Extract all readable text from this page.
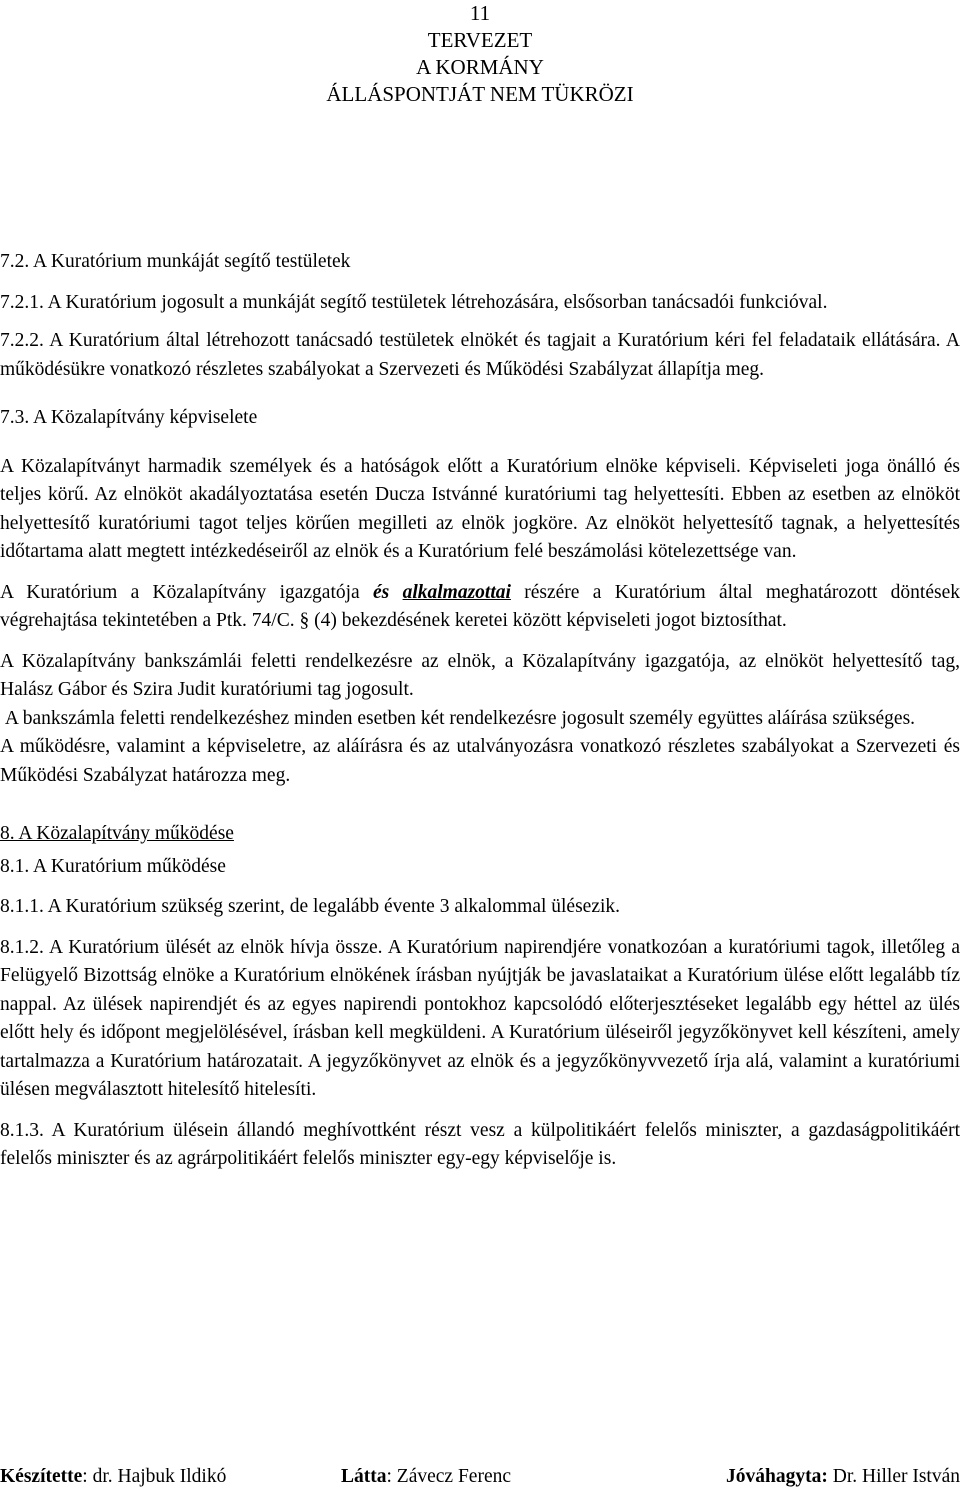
11
TERVEZET
A KORMÁNY
ÁLLÁSPONTJÁT NEM TÜKRÖZI

7.2. A Kuratórium munkáját segítő testületek

7.2.1. A Kuratórium jogosult a munkáját segítő testületek létrehozására, elsősorban tanácsadói funkcióval.

7.2.2. A Kuratórium által létrehozott tanácsadó testületek elnökét és tagjait a Kuratórium kéri fel feladataik ellátására. A működésükre vonatkozó részletes szabályokat a Szervezeti és Működési Szabályzat állapítja meg.

7.3. A Közalapítvány képviselete

A Közalapítványt harmadik személyek és a hatóságok előtt a Kuratórium elnöke képviseli. Képviseleti joga önálló és teljes körű. Az elnököt akadályoztatása esetén Ducza Istvánné kuratóriumi tag helyettesíti. Ebben az esetben az elnököt helyettesítő kuratóriumi tagot teljes körűen megilleti az elnök jogköre. Az elnököt helyettesítő tagnak, a helyettesítés időtartama alatt megtett intézkedéseiről az elnök és a Kuratórium felé beszámolási kötelezettsége van.

A Kuratórium a Közalapítvány igazgatója és alkalmazottai részére a Kuratórium által meghatározott döntések végrehajtása tekintetében a Ptk. 74/C. § (4) bekezdésének keretei között képviseleti jogot biztosíthat.

A Közalapítvány bankszámlái feletti rendelkezésre az elnök, a Közalapítvány igazgatója, az elnököt helyettesítő tag, Halász Gábor és Szira Judit kuratóriumi tag jogosult.

A bankszámla feletti rendelkezéshez minden esetben két rendelkezésre jogosult személy együttes aláírása szükséges.

A működésre, valamint a képviseletre, az aláírásra és az utalványozásra vonatkozó részletes szabályokat a Szervezeti és Működési Szabályzat határozza meg.

8. A Közalapítvány működése

8.1. A Kuratórium működése

8.1.1. A Kuratórium szükség szerint, de legalább évente 3 alkalommal ülésezik.

8.1.2. A Kuratórium ülését az elnök hívja össze. A Kuratórium napirendjére vonatkozóan a kuratóriumi tagok, illetőleg a Felügyelő Bizottság elnöke a Kuratórium elnökének írásban nyújtják be javaslataikat a Kuratórium ülése előtt legalább tíz nappal. Az ülések napirendjét és az egyes napirendi pontokhoz kapcsolódó előterjesztéseket legalább egy héttel az ülés előtt hely és időpont megjelölésével, írásban kell megküldeni. A Kuratórium üléseiről jegyzőkönyvet kell készíteni, amely tartalmazza a Kuratórium határozatait. A jegyzőkönyvet az elnök és a jegyzőkönyvvezető írja alá, valamint a kuratóriumi ülésen megválasztott hitelesítő hitelesíti.

8.1.3. A Kuratórium ülésein állandó meghívottként részt vesz a külpolitikáért felelős miniszter, a gazdaságpolitikáért felelős miniszter és az agrárpolitikáért felelős miniszter egy-egy képviselője is.

Készítette: dr. Hajbuk Ildikó	Látta: Závecz Ferenc	Jóváhagyta: Dr. Hiller István
